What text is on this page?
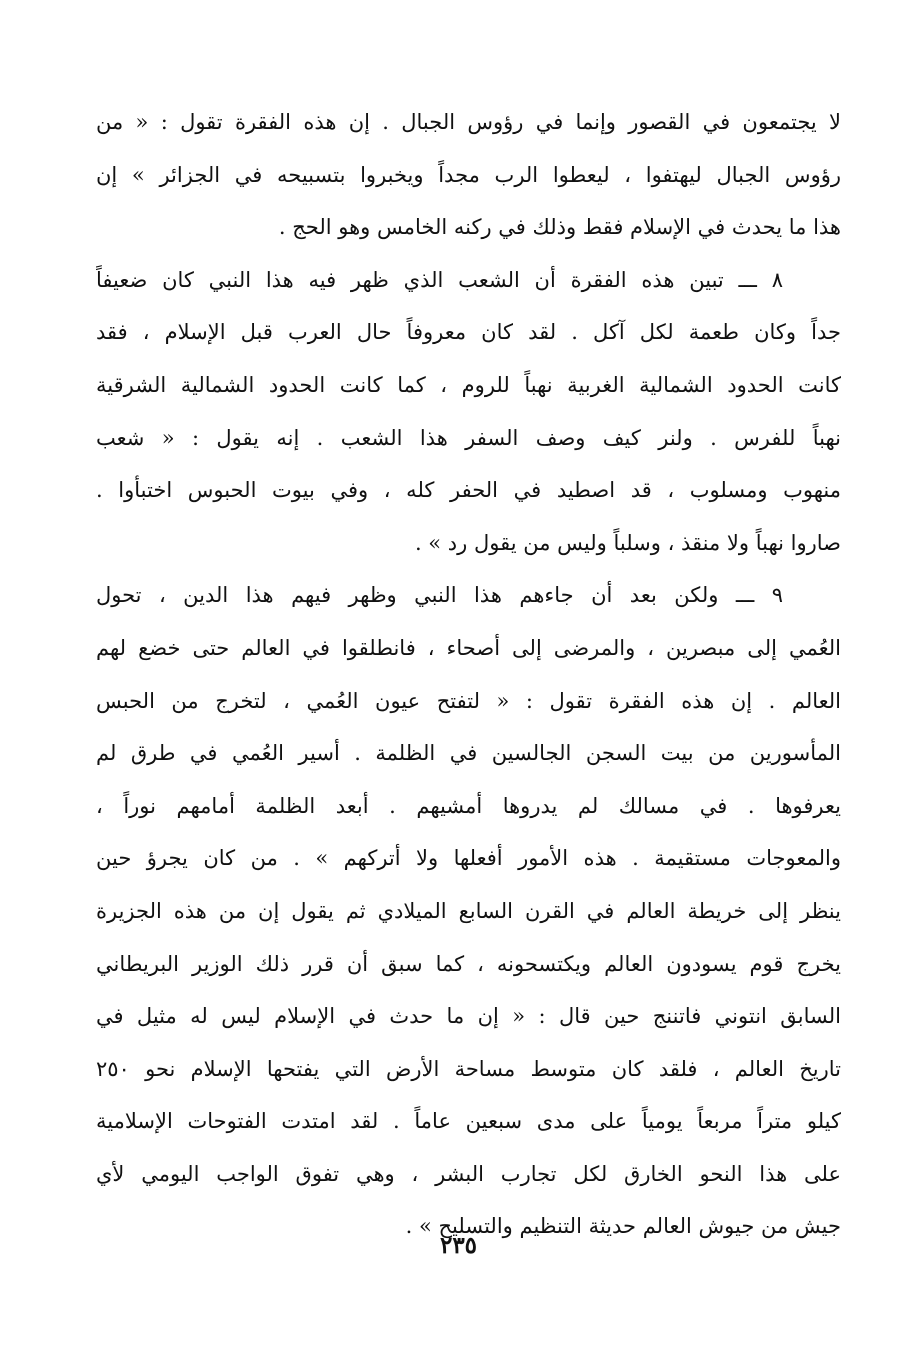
لا يجتمعون في القصور وإنما في رؤوس الجبال . إن هذه الفقرة تقول : « من
رؤوس الجبال ليهتفوا ، ليعطوا الرب مجداً ويخبروا بتسبيحه في الجزائر » إن
هذا ما يحدث في الإسلام فقط وذلك في ركنه الخامس وهو الحج .
٨ ـــ تبين هذه الفقرة أن الشعب الذي ظهر فيه هذا النبي كان ضعيفاً
جداً وكان طعمة لكل آكل . لقد كان معروفاً حال العرب قبل الإسلام ، فقد
كانت الحدود الشمالية الغربية نهباً للروم ، كما كانت الحدود الشمالية الشرقية
نهباً للفرس . ولنر كيف وصف السفر هذا الشعب . إنه يقول : « شعب
منهوب ومسلوب ، قد اصطيد في الحفر كله ، وفي بيوت الحبوس اختبأوا .
صاروا نهباً ولا منقذ ، وسلباً وليس من يقول رد » .
٩ ـــ ولكن بعد أن جاءهم هذا النبي وظهر فيهم هذا الدين ، تحول
العُمي إلى مبصرين ، والمرضى إلى أصحاء ، فانطلقوا في العالم حتى خضع لهم
العالم . إن هذه الفقرة تقول : « لتفتح عيون العُمي ، لتخرج من الحبس
المأسورين من بيت السجن الجالسين في الظلمة . أسير العُمي في طرق لم
يعرفوها . في مسالك لم يدروها أمشيهم . أبعد الظلمة أمامهم نوراً ،
والمعوجات مستقيمة . هذه الأمور أفعلها ولا أتركهم » . من كان يجرؤ حين
ينظر إلى خريطة العالم في القرن السابع الميلادي ثم يقول إن من هذه الجزيرة
يخرج قوم يسودون العالم ويكتسحونه ، كما سبق أن قرر ذلك الوزير البريطاني
السابق انتوني فاتننج حين قال : « إن ما حدث في الإسلام ليس له مثيل في
تاريخ العالم ، فلقد كان متوسط مساحة الأرض التي يفتحها الإسلام نحو ٢٥٠
كيلو متراً مربعاً يومياً على مدى سبعين عاماً . لقد امتدت الفتوحات الإسلامية
على هذا النحو الخارق لكل تجارب البشر ، وهي تفوق الواجب اليومي لأي
جيش من جيوش العالم حديثة التنظيم والتسليح » .
٢٣٥
